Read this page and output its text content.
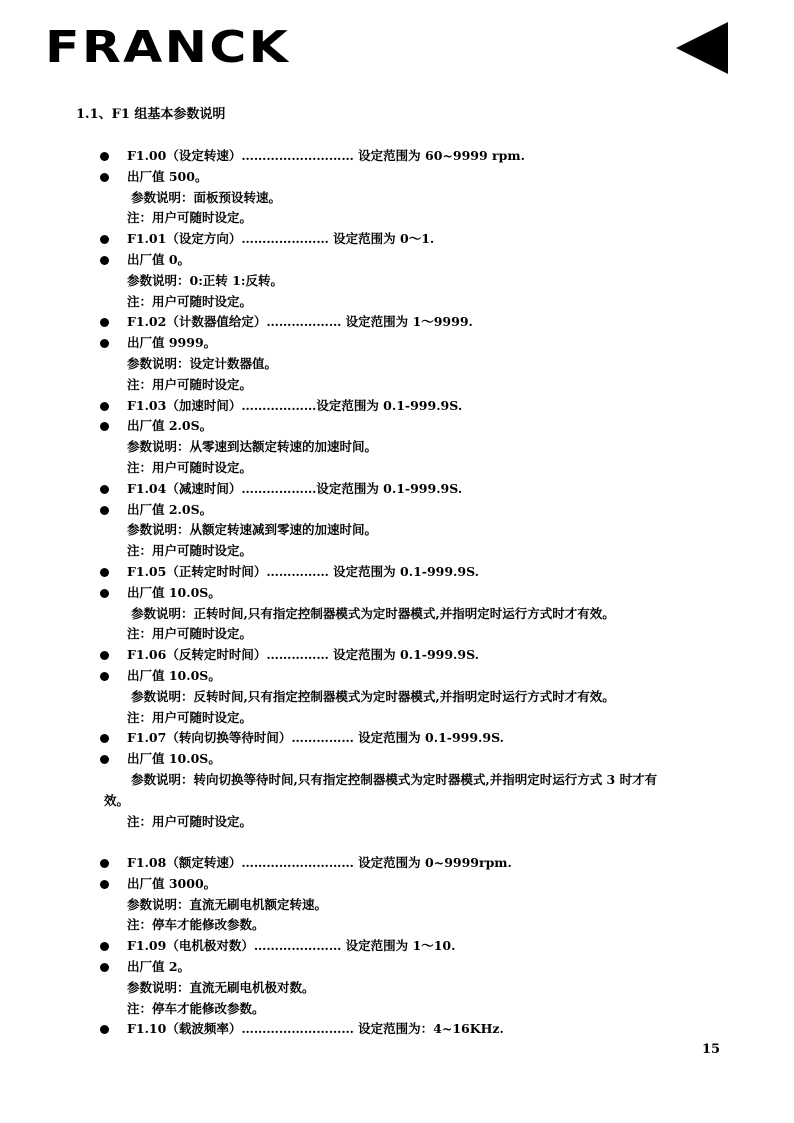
FRANCK
1.1、F1 组基本参数说明
F1.00（设定转速）……………………… 设定范围为 60~9999 rpm.
出厂值 500。
参数说明：面板预设转速。
注：用户可随时设定。
F1.01（设定方向）………………… 设定范围为 0～1.
出厂值 0。
参数说明：0:正转 1:反转。
注：用户可随时设定。
F1.02（计数器值给定）……………… 设定范围为 1～9999.
出厂值 9999。
参数说明：设定计数器值。
注：用户可随时设定。
F1.03（加速时间）………………设定范围为 0.1-999.9S.
出厂值 2.0S。
参数说明：从零速到达额定转速的加速时间。
注：用户可随时设定。
F1.04（减速时间）………………设定范围为 0.1-999.9S.
出厂值 2.0S。
参数说明：从额定转速减到零速的加速时间。
注：用户可随时设定。
F1.05（正转定时时间）…………… 设定范围为 0.1-999.9S.
出厂值 10.0S。
参数说明：正转时间,只有指定控制器模式为定时器模式,并指明定时运行方式时才有效。
注：用户可随时设定。
F1.06（反转定时时间）…………… 设定范围为 0.1-999.9S.
出厂值 10.0S。
参数说明：反转时间,只有指定控制器模式为定时器模式,并指明定时运行方式时才有效。
注：用户可随时设定。
F1.07（转向切换等待时间）…………… 设定范围为 0.1-999.9S.
出厂值 10.0S。
参数说明：转向切换等待时间,只有指定控制器模式为定时器模式,并指明定时运行方式 3 时才有
效。
注：用户可随时设定。
F1.08（额定转速）……………………… 设定范围为 0~9999rpm.
出厂值 3000。
参数说明：直流无刷电机额定转速。
注：停车才能修改参数。
F1.09（电机极对数）………………… 设定范围为 1～10.
出厂值 2。
参数说明：直流无刷电机极对数。
注：停车才能修改参数。
F1.10（载波频率）……………………… 设定范围为：4~16KHz.
15
